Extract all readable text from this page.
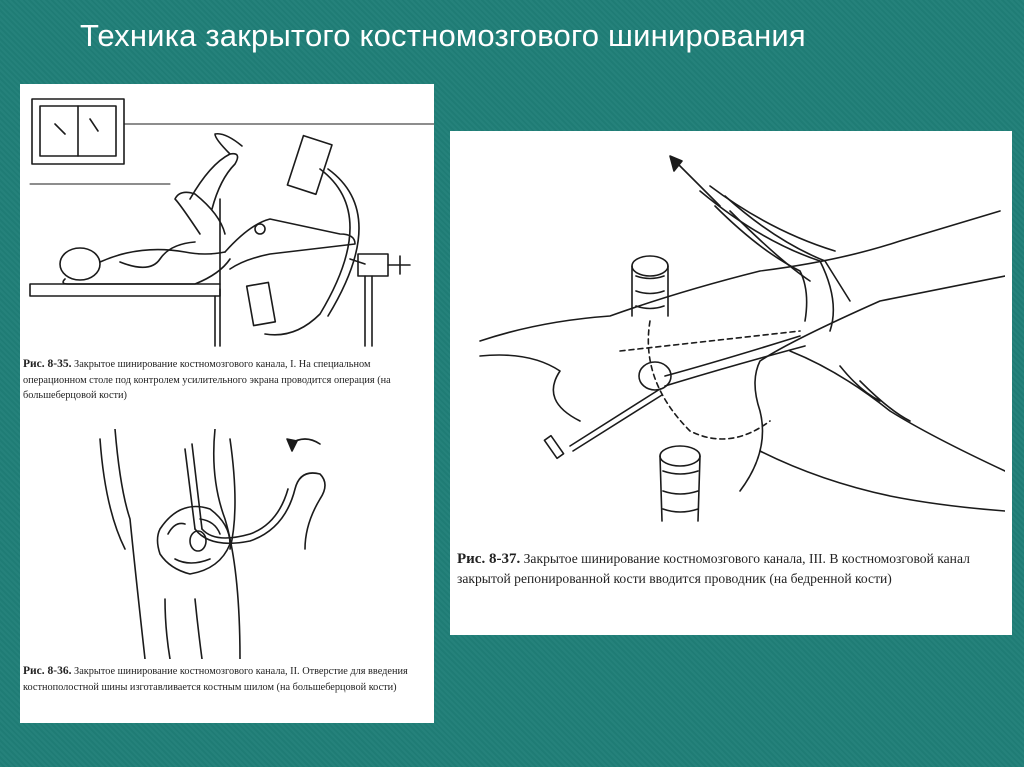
Техника закрытого костномозгового шинирования
Рис. 8-35. Закрытое шинирование костномозгового канала, I. На специальном операционном столе под контролем усилительного экрана проводится операция (на большеберцовой кости)
Рис. 8-36. Закрытое шинирование костномозгового канала, II. Отверстие для введения костнополостной шины изготавливается костным шилом (на большеберцовой кости)
Рис. 8-37. Закрытое шинирование костномозгового канала, III. В костномозговой канал закрытой репонированной кости вводится проводник (на бедренной кости)
